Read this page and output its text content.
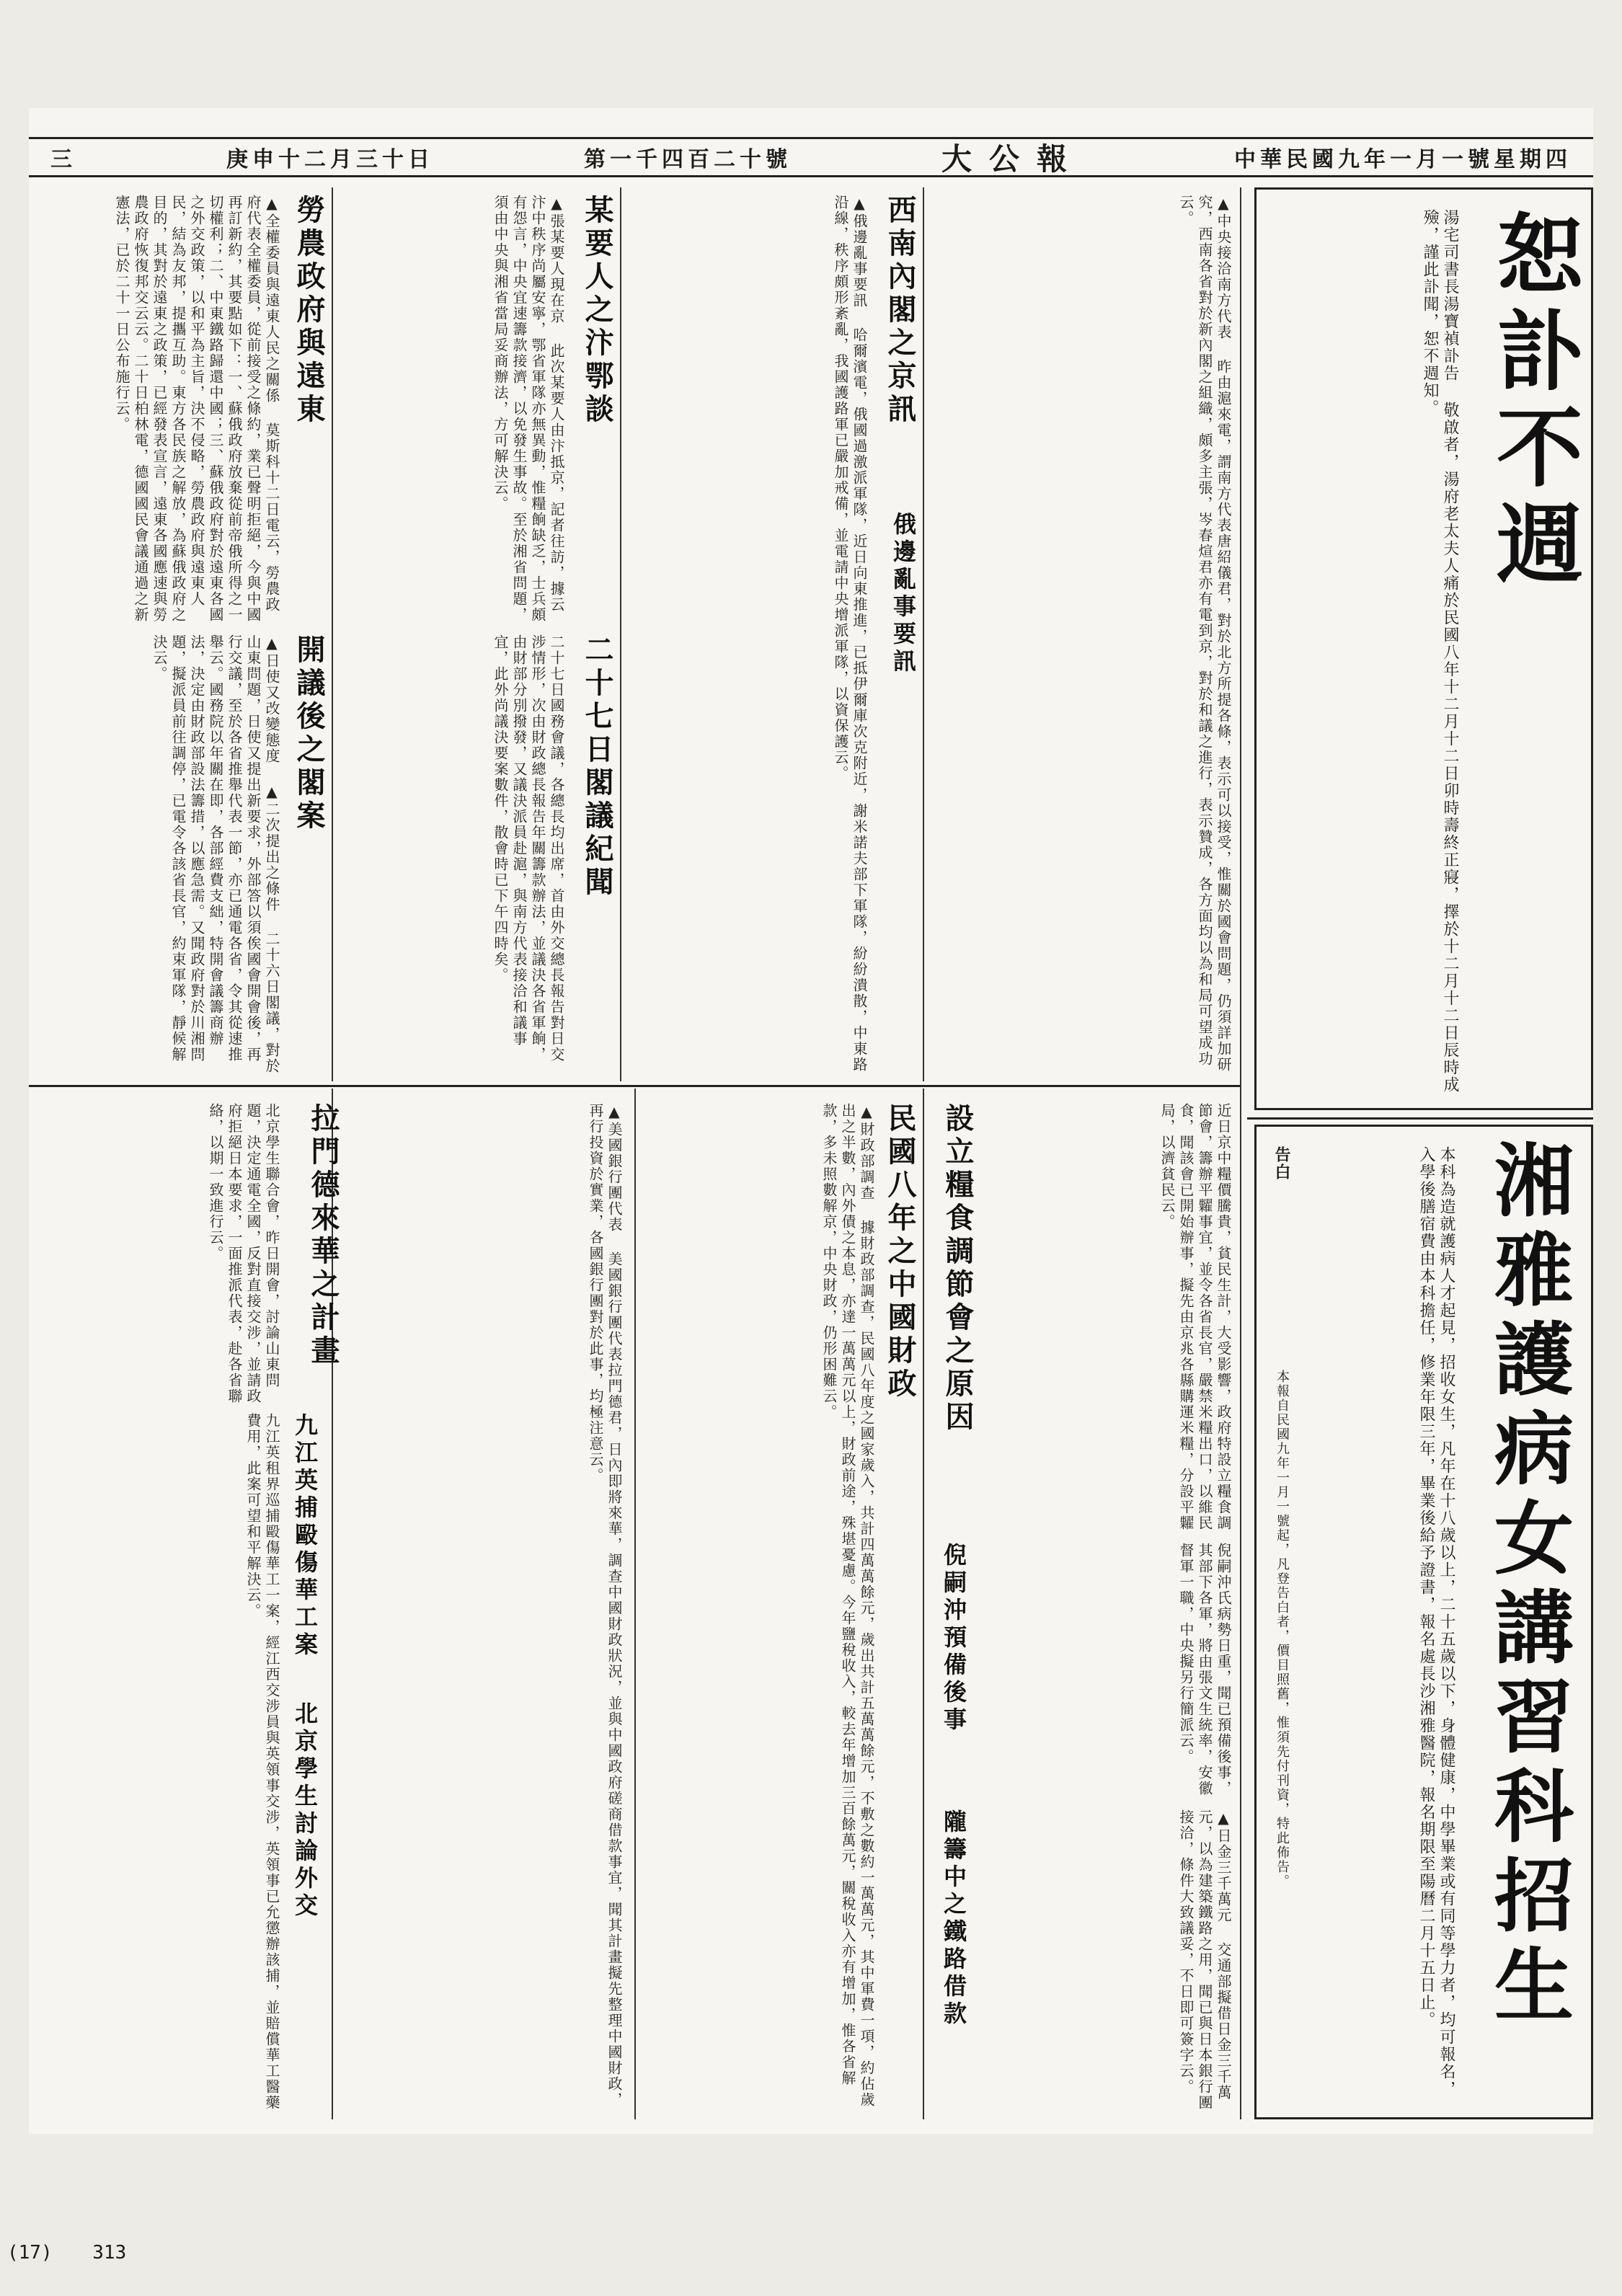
三	庚申十二月三十日	第一千四百二十號	大公報	中華民國九年一月一號星期四
恕訃不週
湯宅司書長湯寶禎訃告 敬啟者，湯府老太夫人痛於民國八年十二月十二日卯時壽終正寢，擇於十二月十二日辰時成殮，謹此訃聞，恕不週知。
湘雅護病女講習科招生
本科為造就護病人才起見，招收女生，凡年在十八歲以上，二十五歲以下，身體健康，中學畢業或有同等學力者，均可報名，入學後膳宿費由本科擔任，修業年限三年，畢業後給予證書，報名處長沙湘雅醫院，報名期限至陽曆二月十五日止。
告白
本報自民國九年一月一號起，凡登告白者，價目照舊，惟須先付刊資，特此佈告。
西南內閣之京訊	▲中央接洽南方代表 昨由滬來電，謂南方代表唐紹儀君，對於北方所提各條，表示可以接受，惟關於國會問題，仍須詳加研究，西南各省對於新內閣之組織，頗多主張，岑春煊君亦有電到京，對於和議之進行，表示贊成，各方面均以為和局可望成功云。
俄邊亂事要訊
▲俄邊亂事要訊 哈爾濱電，俄國過激派軍隊，近日向東推進，已抵伊爾庫次克附近，謝米諾夫部下軍隊，紛紛潰散，中東路沿線，秩序頗形紊亂，我國護路軍已嚴加戒備，並電請中央增派軍隊，以資保護云。
某要人之汴鄂談
▲張某要人現在京 此次某要人由汴抵京，記者往訪，據云汴中秩序尚屬安寧，鄂省軍隊亦無異動，惟糧餉缺乏，士兵頗有怨言，中央宜速籌款接濟，以免發生事故。至於湘省問題，須由中央與湘省當局妥商辦法，方可解決云。
二十七日閣議紀聞
二十七日國務會議，各總長均出席，首由外交總長報告對日交涉情形，次由財政總長報告年關籌款辦法，並議決各省軍餉，由財部分別撥發，又議決派員赴滬，與南方代表接洽和議事宜，此外尚議決要案數件，散會時已下午四時矣。
勞農政府與遠東
▲全權委員與遠東人民之關係 莫斯科十二日電云，勞農政府代表全權委員，從前接受之條約，業已聲明拒絕，今與中國再訂新約，其要點如下：一、蘇俄政府放棄從前帝俄所得之一切權利；二、中東鐵路歸還中國；三、蘇俄政府對於遠東各國之外交政策，以和平為主旨，決不侵略，勞農政府與遠東人民，結為友邦，提攜互助。東方各民族之解放，為蘇俄政府之目的，其對於遠東之政策，已經發表宣言，遠東各國應速與勞農政府恢復邦交云云。二十日柏林電，德國國民會議通過之新憲法，已於二十一日公布施行云。
開議後之閣案
▲日使又改變態度 ▲二次提出之條件 二十六日閣議，對於山東問題，日使又提出新要求，外部答以須俟國會開會後，再行交議，至於各省推舉代表一節，亦已通電各省，令其從速推舉云。國務院以年關在即，各部經費支絀，特開會議籌商辦法，決定由財政部設法籌措，以應急需。又聞政府對於川湘問題，擬派員前往調停，已電令各該省長官，約束軍隊，靜候解決云。
民國八年之中國財政
▲財政部調查 據財政部調查，民國八年度之國家歲入，共計四萬萬餘元，歲出共計五萬萬餘元，不敷之數約一萬萬元，其中軍費一項，約佔歲出之半數，內外債之本息，亦達一萬萬元以上，財政前途，殊堪憂慮。今年鹽稅收入，較去年增加三百餘萬元，關稅收入亦有增加，惟各省解款，多未照數解京，中央財政，仍形困難云。	設立糧食調節會之原因	近日京中糧價騰貴，貧民生計，大受影響，政府特設立糧食調節會，籌辦平糶事宜，並令各省長官，嚴禁米糧出口，以維民食，聞該會已開始辦事，擬先由京兆各縣購運米糧，分設平糶局，以濟貧民云。
倪嗣沖預備後事	倪嗣沖氏病勢日重，聞已預備後事，其部下各軍，將由張文生統率，安徽督軍一職，中央擬另行簡派云。
隴籌中之鐵路借款	▲日金三千萬元 交通部擬借日金三千萬元，以為建築鐵路之用，聞已與日本銀行團接洽，條件大致議妥，不日即可簽字云。
拉門德來華之計畫	▲美國銀行團代表 美國銀行團代表拉門德君，日內即將來華，調查中國財政狀況，並與中國政府磋商借款事宜，聞其計畫擬先整理中國財政，再行投資於實業，各國銀行團對於此事，均極注意云。
九江英捕毆傷華工案
九江英租界巡捕毆傷華工一案，經江西交涉員與英領事交涉，英領事已允懲辦該捕，並賠償華工醫藥費用，此案可望和平解決云。
北京學生討論外交
北京學生聯合會，昨日開會，討論山東問題，決定通電全國，反對直接交涉，並請政府拒絕日本要求，一面推派代表，赴各省聯絡，以期一致進行云。
(17) 313
